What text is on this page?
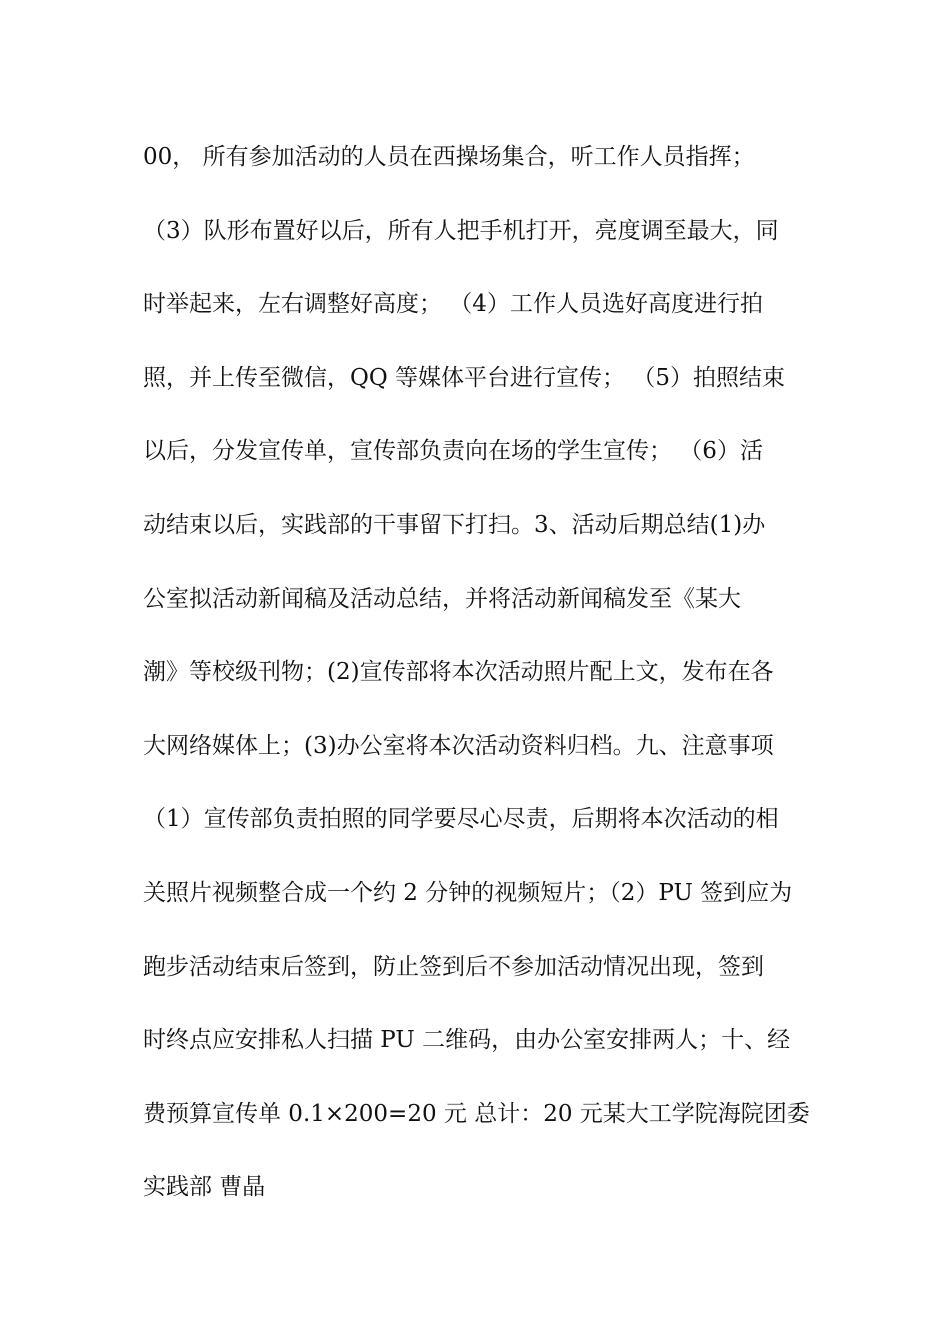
00， 所有参加活动的人员在西操场集合，听工作人员指挥；
（3）队形布置好以后，所有人把手机打开，亮度调至最大，同
时举起来，左右调整好高度； （4）工作人员选好高度进行拍
照，并上传至微信，QQ 等媒体平台进行宣传； （5）拍照结束
以后，分发宣传单，宣传部负责向在场的学生宣传； （6）活
动结束以后，实践部的干事留下打扫。3、活动后期总结(1)办
公室拟活动新闻稿及活动总结，并将活动新闻稿发至《某大
潮》等校级刊物；(2)宣传部将本次活动照片配上文，发布在各
大网络媒体上；(3)办公室将本次活动资料归档。九、注意事项
（1）宣传部负责拍照的同学要尽心尽责，后期将本次活动的相
关照片视频整合成一个约 2 分钟的视频短片；（2）PU 签到应为
跑步活动结束后签到，防止签到后不参加活动情况出现，签到
时终点应安排私人扫描 PU 二维码，由办公室安排两人；十、经
费预算宣传单 0.1×200=20 元 总计：20 元某大工学院海院团委
实践部 曹晶
